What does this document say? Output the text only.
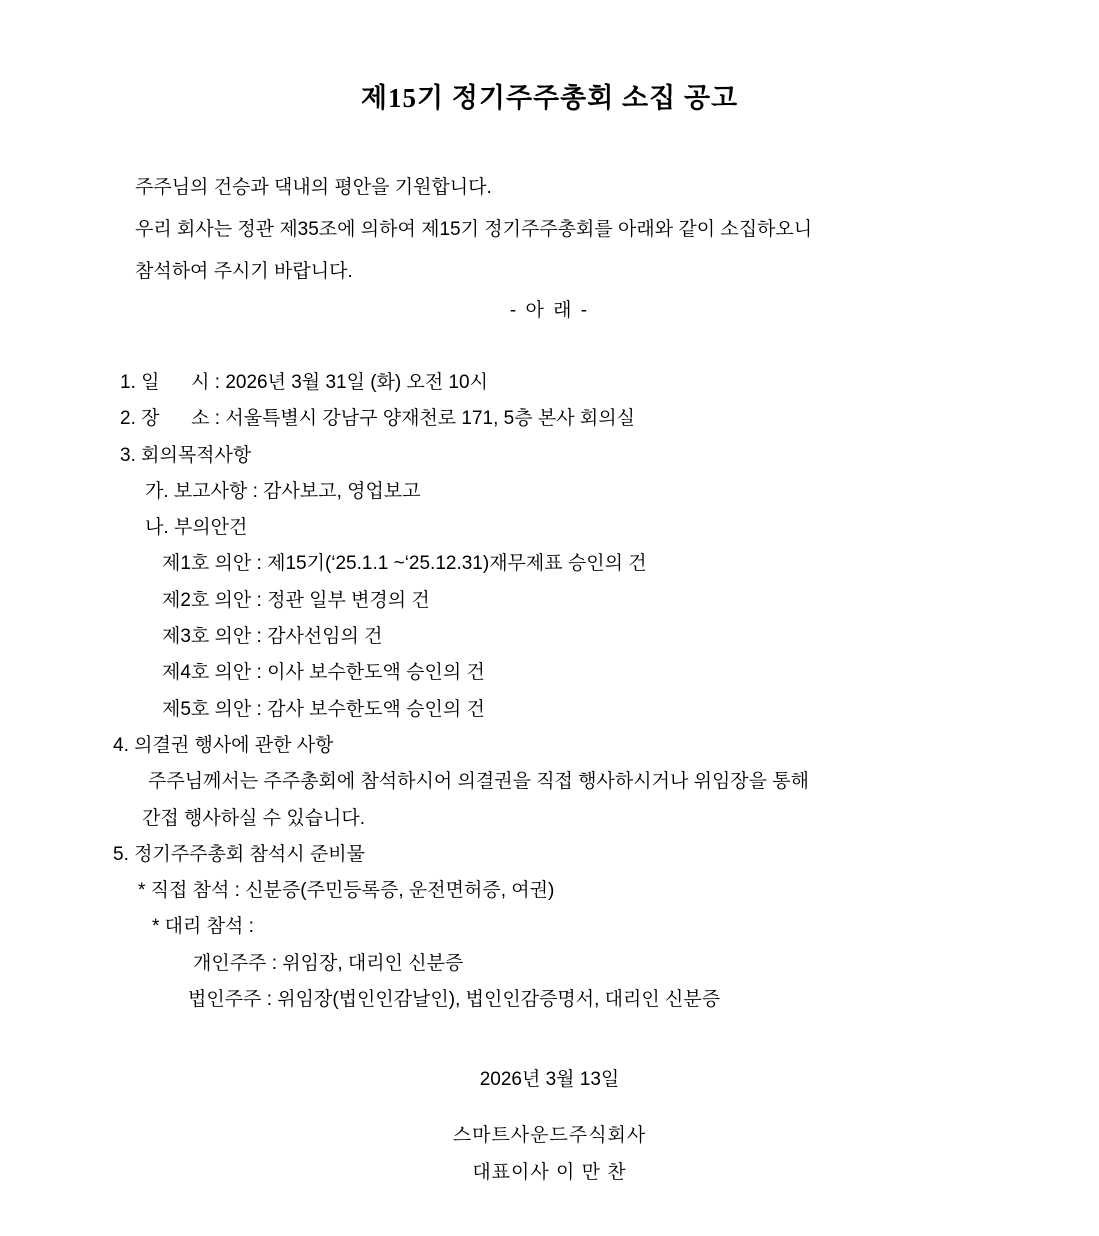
제15기 정기주주총회 소집 공고
주주님의 건승과 댁내의 평안을 기원합니다.
우리 회사는 정관 제35조에 의하여 제15기 정기주주총회를 아래와 같이 소집하오니
참석하여 주시기 바랍니다.
- 아 래 -
1. 일      시 : 2026년 3월 31일 (화) 오전 10시
2. 장      소 : 서울특별시 강남구 양재천로 171, 5층 본사 회의실
3. 회의목적사항
가. 보고사항 : 감사보고, 영업보고
나. 부의안건
제1호 의안 : 제15기(‘25.1.1 ~‘25.12.31)재무제표 승인의 건
제2호 의안 : 정관 일부 변경의 건
제3호 의안 : 감사선임의 건
제4호 의안 : 이사 보수한도액 승인의 건
제5호 의안 : 감사 보수한도액 승인의 건
4. 의결권 행사에 관한 사항
주주님께서는 주주총회에 참석하시어 의결권을 직접 행사하시거나 위임장을 통해
간접 행사하실 수 있습니다.
5. 정기주주총회 참석시 준비물
* 직접 참석 : 신분증(주민등록증, 운전면허증, 여권)
* 대리 참석 :
개인주주 : 위임장, 대리인 신분증
법인주주 : 위임장(법인인감날인), 법인인감증명서, 대리인 신분증
2026년 3월 13일
스마트사운드주식회사
대표이사 이 만 찬
